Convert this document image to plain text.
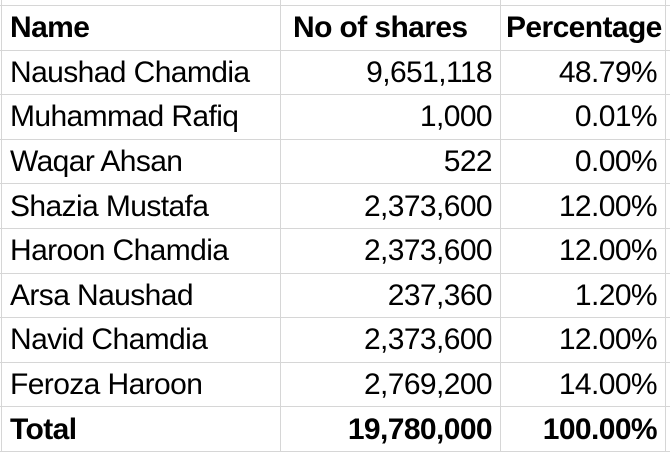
Name	No of shares	Percentage
Naushad Chamdia	9,651,118	48.79%
Muhammad Rafiq	1,000	0.01%
Waqar Ahsan	522	0.00%
Shazia Mustafa	2,373,600	12.00%
Haroon Chamdia	2,373,600	12.00%
Arsa Naushad	237,360	1.20%
Navid Chamdia	2,373,600	12.00%
Feroza Haroon	2,769,200	14.00%
Total	19,780,000	100.00%
